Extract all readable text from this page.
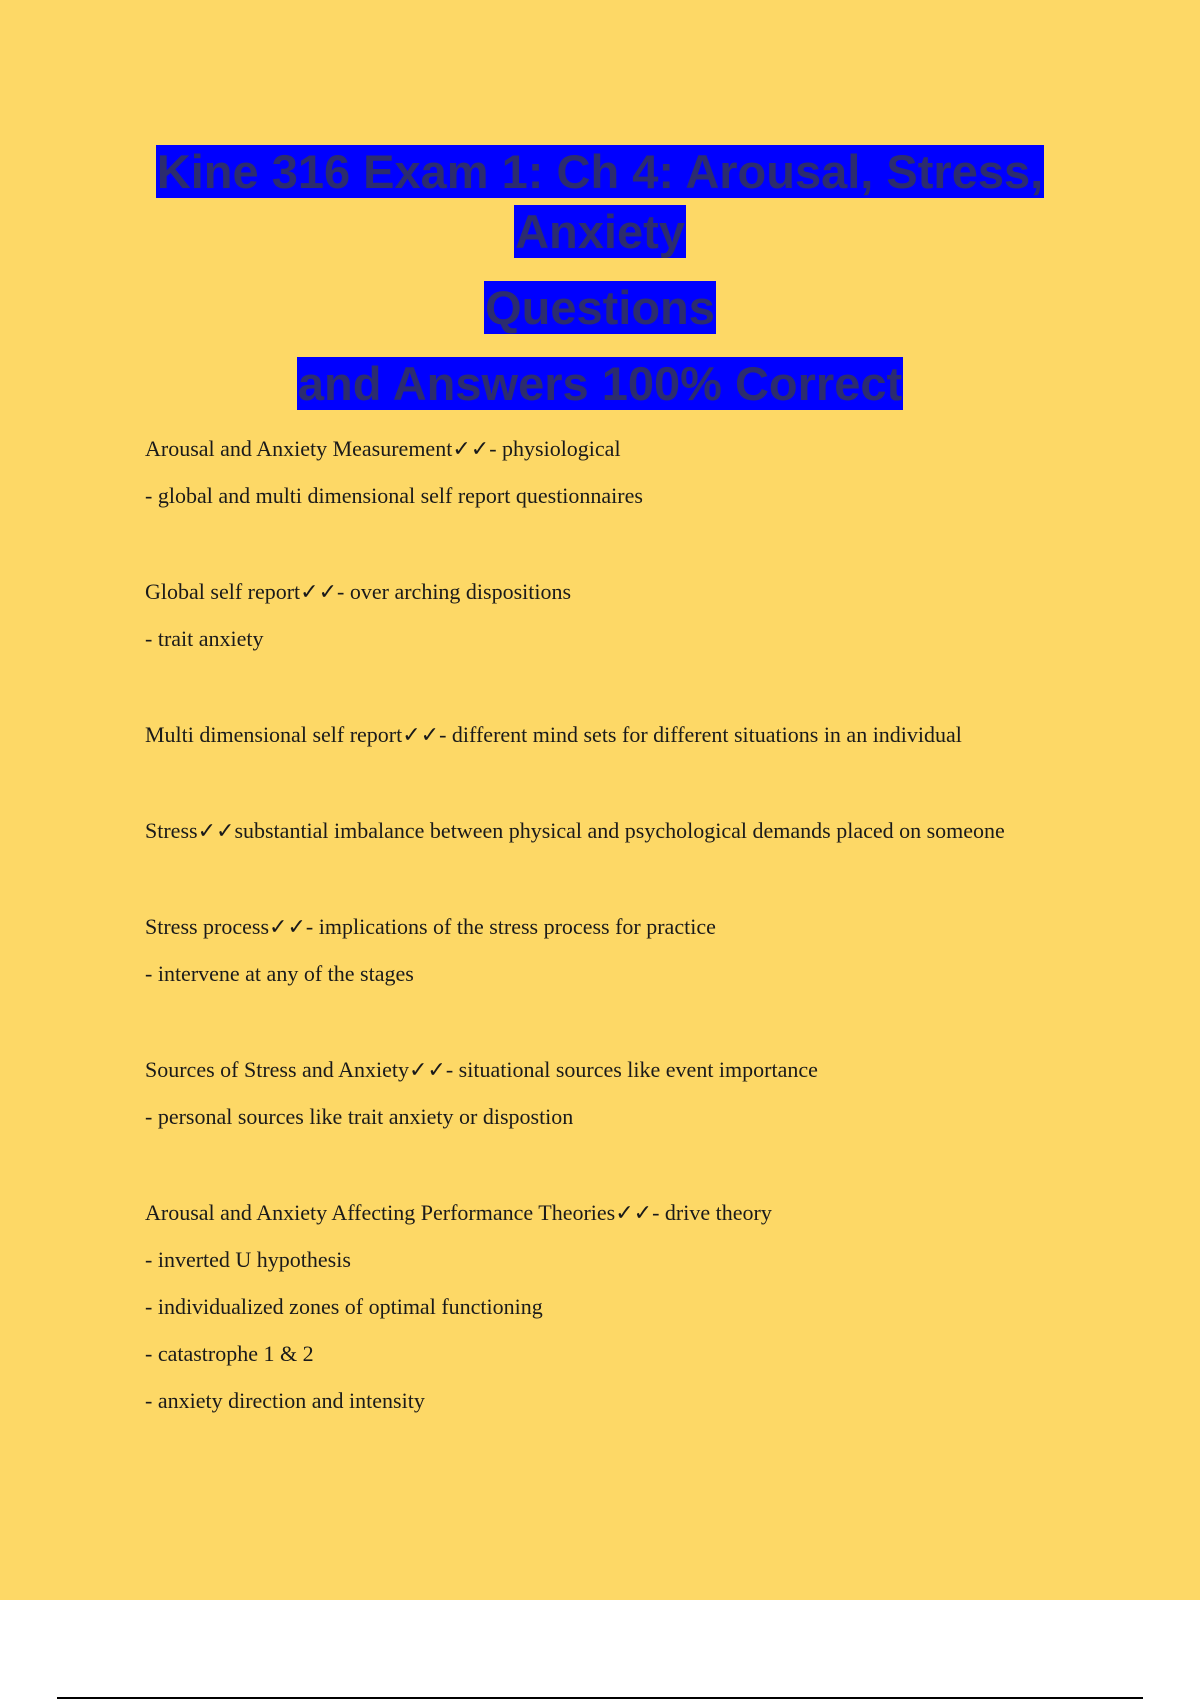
Kine 316 Exam 1: Ch 4: Arousal, Stress,
Anxiety
Questions
and Answers 100% Correct

Arousal and Anxiety Measurement✓✓- physiological

- global and multi dimensional self report questionnaires

Global self report✓✓- over arching dispositions

- trait anxiety

Multi dimensional self report✓✓- different mind sets for different situations in an individual

Stress✓✓substantial imbalance between physical and psychological demands placed on someone

Stress process✓✓- implications of the stress process for practice

- intervene at any of the stages

Sources of Stress and Anxiety✓✓- situational sources like event importance

- personal sources like trait anxiety or dispostion

Arousal and Anxiety Affecting Performance Theories✓✓- drive theory

- inverted U hypothesis

- individualized zones of optimal functioning

- catastrophe 1 & 2

- anxiety direction and intensity
